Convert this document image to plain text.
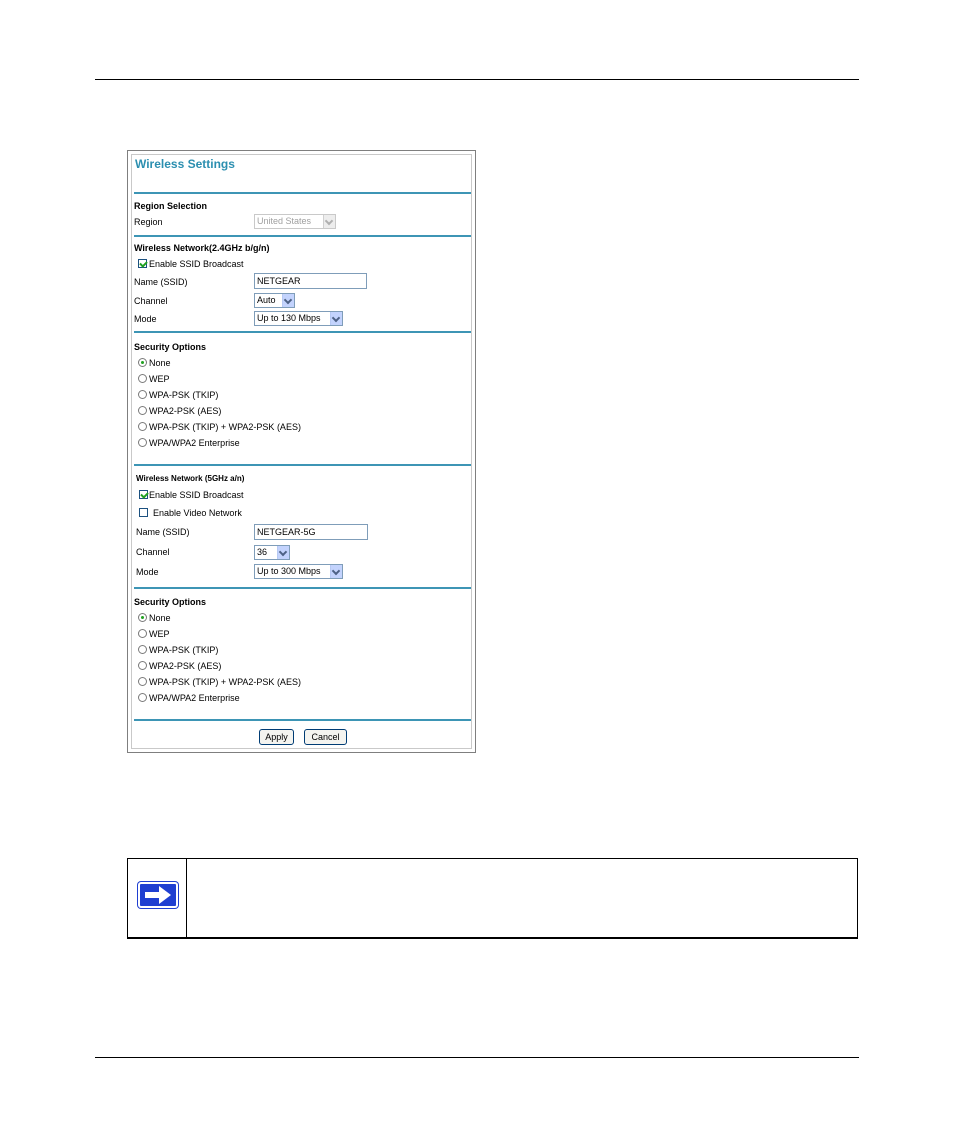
Wireless Settings
Region Selection
Region	United States
Wireless Network(2.4GHz b/g/n)
Enable SSID Broadcast
Name (SSID)	NETGEAR
Channel	Auto
Mode	Up to 130 Mbps
Security Options
None
WEP
WPA-PSK (TKIP)
WPA2-PSK (AES)
WPA-PSK (TKIP) + WPA2-PSK (AES)
WPA/WPA2 Enterprise
Wireless Network (5GHz a/n)
Enable SSID Broadcast
Enable Video Network
Name (SSID)	NETGEAR-5G
Channel	36
Mode	Up to 300 Mbps
Security Options
None
WEP
WPA-PSK (TKIP)
WPA2-PSK (AES)
WPA-PSK (TKIP) + WPA2-PSK (AES)
WPA/WPA2 Enterprise
Apply	Cancel
